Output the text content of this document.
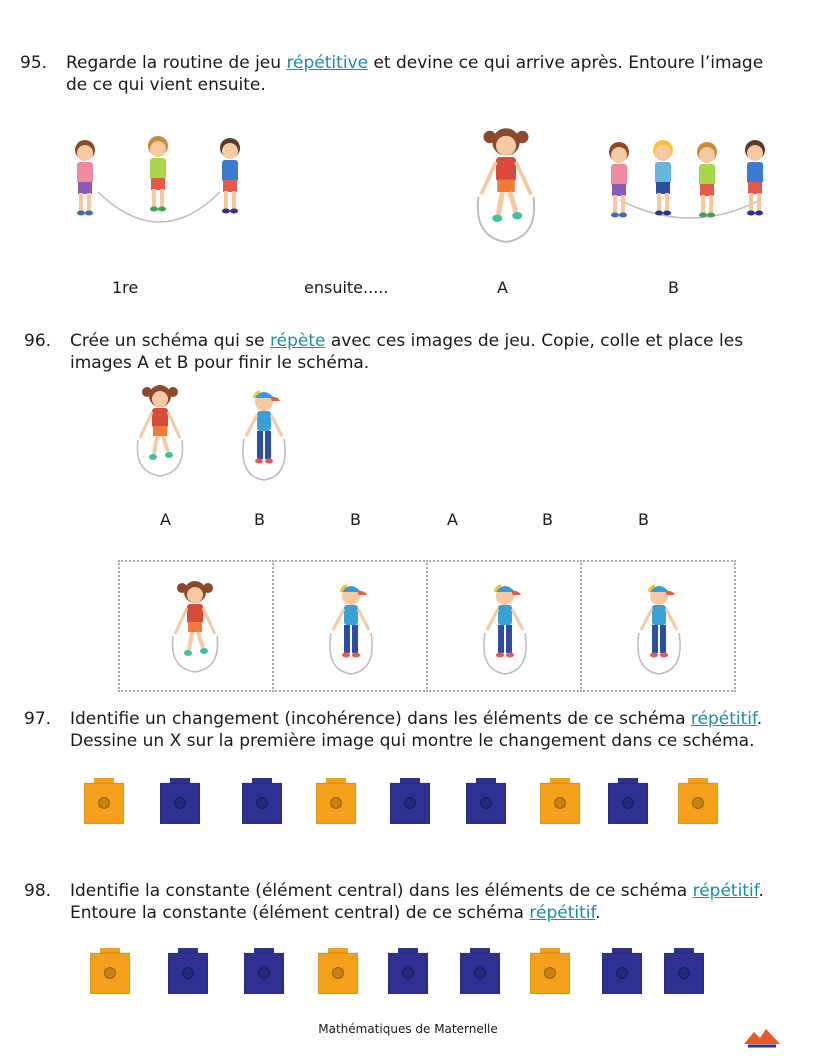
95. Regarde la routine de jeu répétitive et devine ce qui arrive après. Entoure l’image de ce qui vient ensuite.
1re	ensuite.....	A	B
96. Crée un schéma qui se répète avec ces images de jeu. Copie, colle et place les images A et B pour finir le schéma.
A	B	B	A	B	B
97. Identifie un changement (incohérence) dans les éléments de ce schéma répétitif. Dessine un X sur la première image qui montre le changement dans ce schéma.
98. Identifie la constante (élément central) dans les éléments de ce schéma répétitif. Entoure la constante (élément central) de ce schéma répétitif.
Mathématiques de Maternelle
